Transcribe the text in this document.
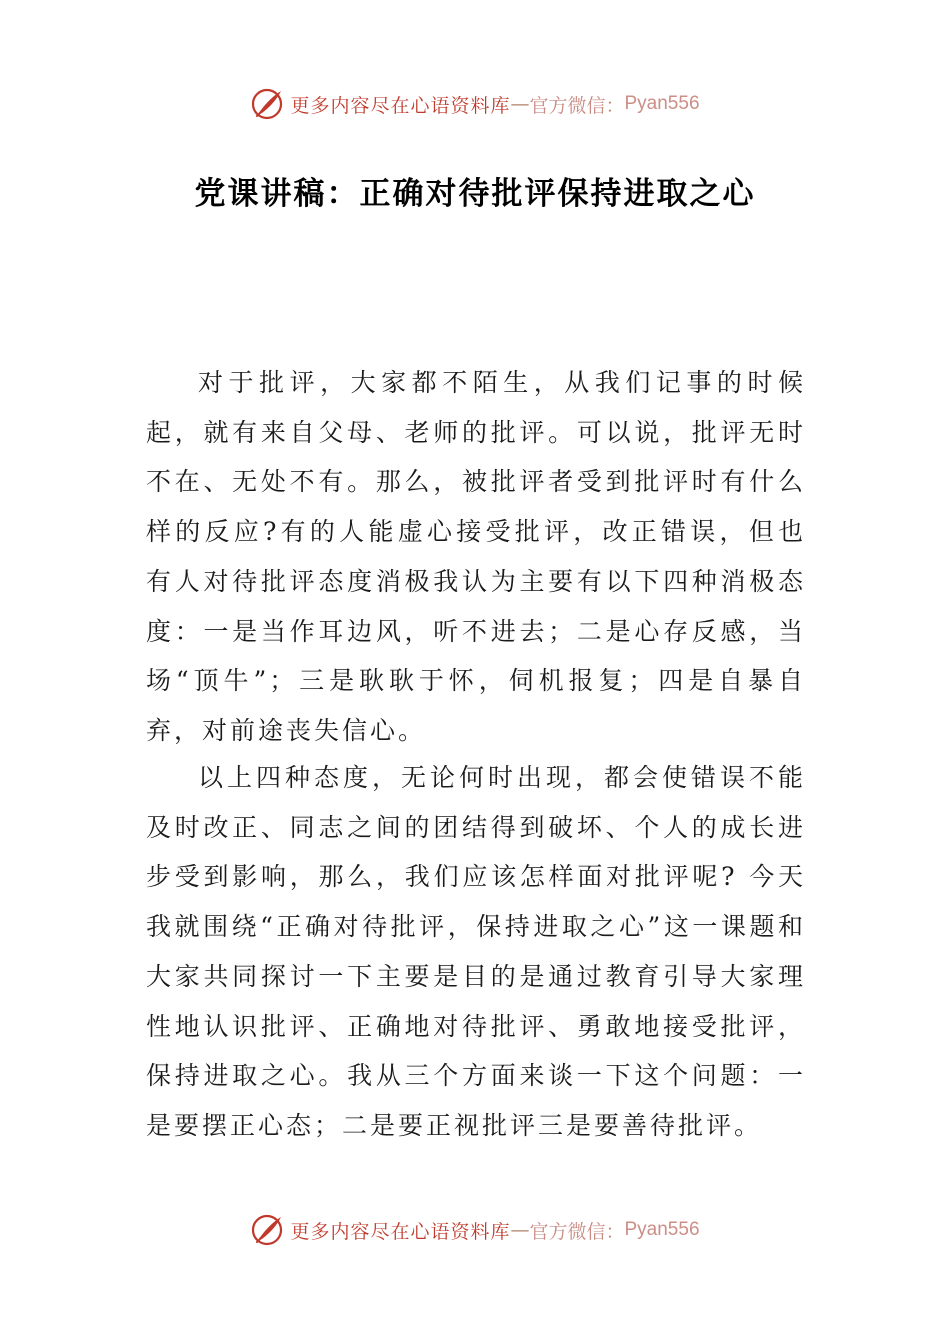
更多内容尽在心语资料库 — 官方微信： Pyan556
党课讲稿：正确对待批评保持进取之心

对于批评，大家都不陌生，从我们记事的时候起，就有来自父母、老师的批评。可以说，批评无时不在、无处不有。那么，被批评者受到批评时有什么样的反应?有的人能虚心接受批评，改正错误，但也有人对待批评态度消极我认为主要有以下四种消极态度：一是当作耳边风，听不进去；二是心存反感，当场“顶牛”；三是耿耿于怀，伺机报复；四是自暴自弃，对前途丧失信心。

以上四种态度，无论何时出现，都会使错误不能及时改正、同志之间的团结得到破坏、个人的成长进步受到影响，那么，我们应该怎样面对批评呢? 今天我就围绕“正确对待批评，保持进取之心”这一课题和大家共同探讨一下主要是目的是通过教育引导大家理性地认识批评、正确地对待批评、勇敢地接受批评，保持进取之心。我从三个方面来谈一下这个问题：一是要摆正心态；二是要正视批评三是要善待批评。

更多内容尽在心语资料库 — 官方微信： Pyan556
